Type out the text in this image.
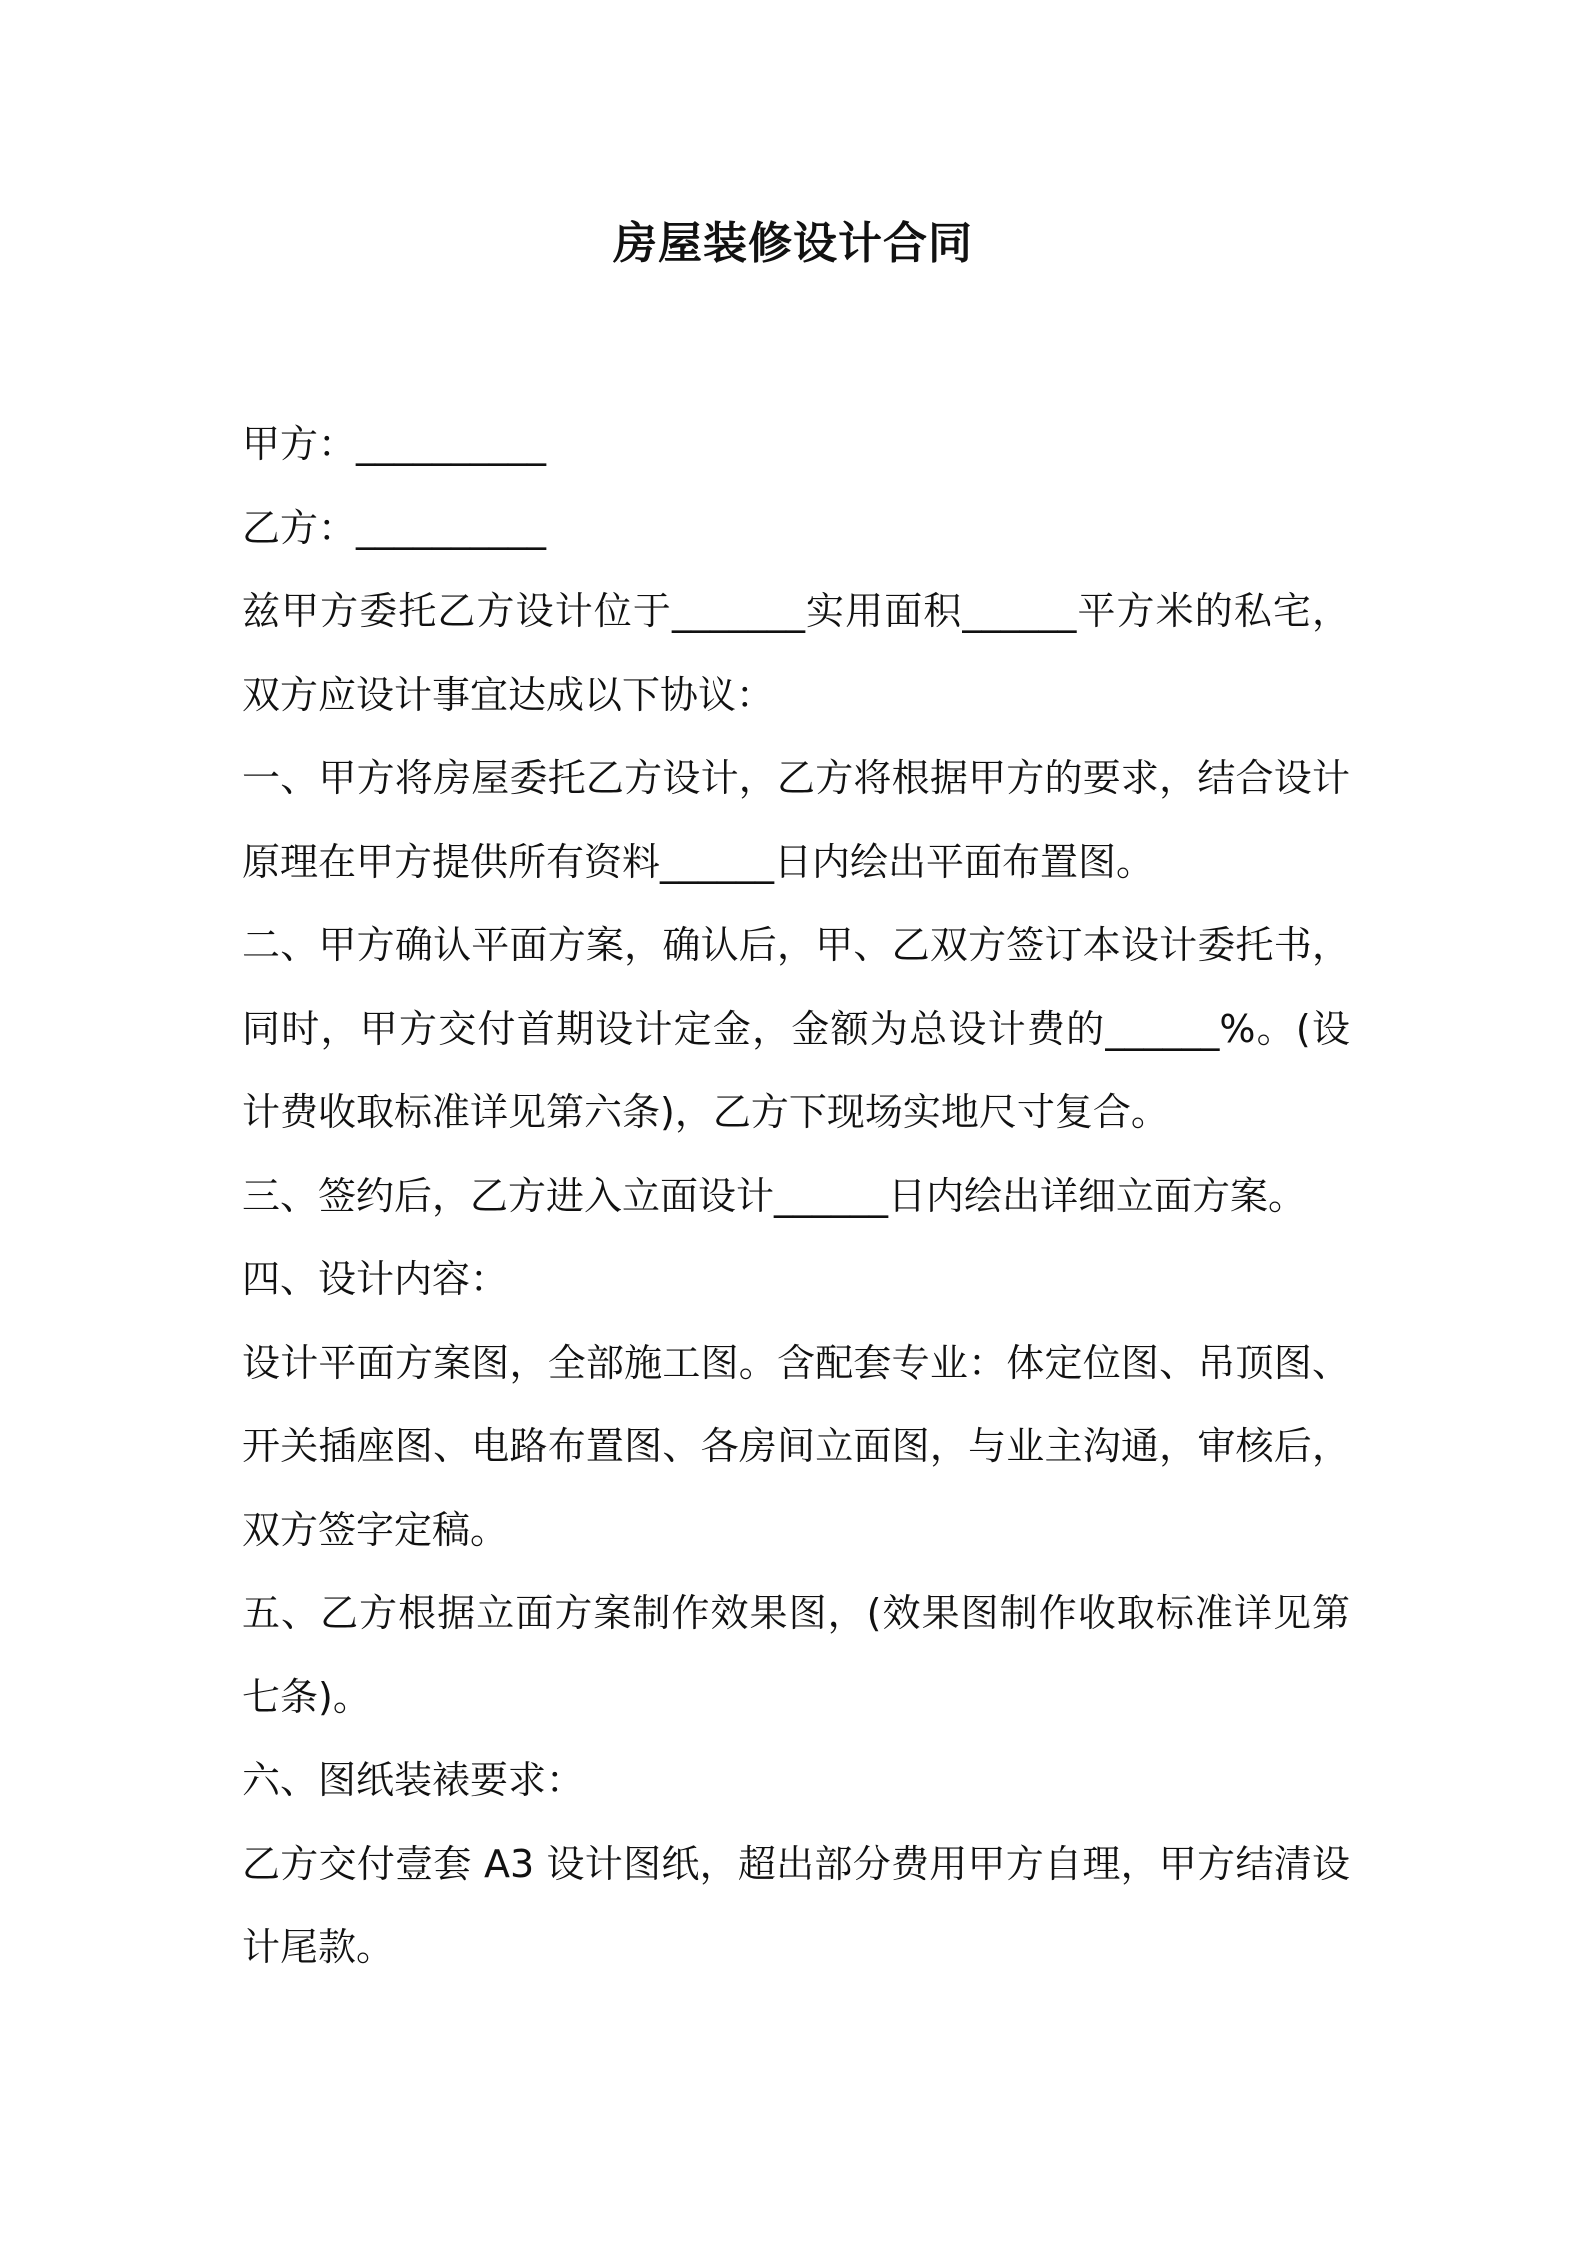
房屋装修设计合同

甲方：__________

乙方：__________

兹甲方委托乙方设计位于_______实用面积______平方米的私宅，双方应设计事宜达成以下协议：

一、甲方将房屋委托乙方设计，乙方将根据甲方的要求，结合设计原理在甲方提供所有资料______日内绘出平面布置图。

二、甲方确认平面方案，确认后，甲、乙双方签订本设计委托书，同时，甲方交付首期设计定金，金额为总设计费的______%。(设计费收取标准详见第六条)，乙方下现场实地尺寸复合。

三、签约后，乙方进入立面设计______日内绘出详细立面方案。

四、设计内容：

设计平面方案图，全部施工图。含配套专业：体定位图、吊顶图、开关插座图、电路布置图、各房间立面图，与业主沟通，审核后，双方签字定稿。

五、乙方根据立面方案制作效果图，(效果图制作收取标准详见第七条)。

六、图纸装裱要求：

乙方交付壹套 A3 设计图纸，超出部分费用甲方自理，甲方结清设计尾款。
